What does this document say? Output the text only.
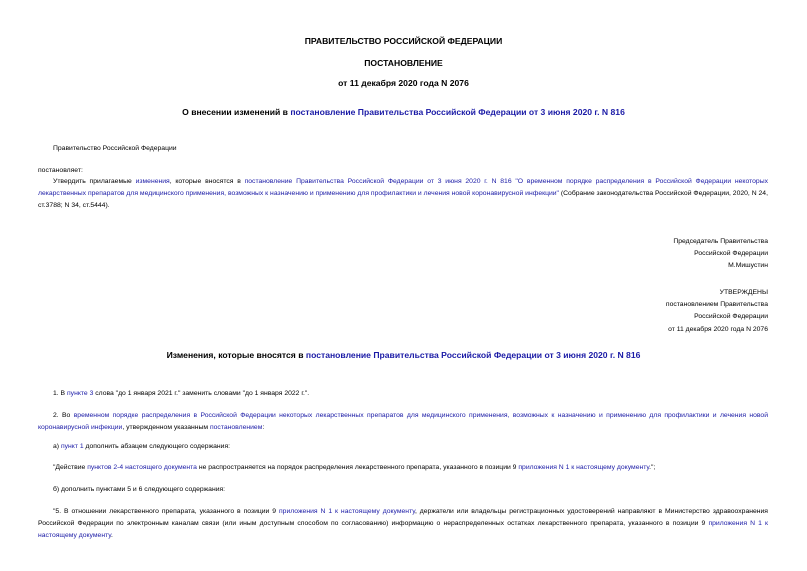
ПРАВИТЕЛЬСТВО РОССИЙСКОЙ ФЕДЕРАЦИИ
ПОСТАНОВЛЕНИЕ
от 11 декабря 2020 года N 2076
О внесении изменений в постановление Правительства Российской Федерации от 3 июня 2020 г. N 816
Правительство Российской Федерации
постановляет:
Утвердить прилагаемые изменения, которые вносятся в постановление Правительства Российской Федерации от 3 июня 2020 г. N 816 "О временном порядке распределения в Российской Федерации некоторых лекарственных препаратов для медицинского применения, возможных к назначению и применению для профилактики и лечения новой коронавирусной инфекции" (Собрание законодательства Российской Федерации, 2020, N 24, ст.3788; N 34, ст.5444).
Председатель Правительства
Российской Федерации
М.Мишустин
УТВЕРЖДЕНЫ
постановлением Правительства
Российской Федерации
от 11 декабря 2020 года N 2076
Изменения, которые вносятся в постановление Правительства Российской Федерации от 3 июня 2020 г. N 816
1. В пункте 3 слова "до 1 января 2021 г." заменить словами "до 1 января 2022 г.".
2. Во временном порядке распределения в Российской Федерации некоторых лекарственных препаратов для медицинского применения, возможных к назначению и применению для профилактики и лечения новой коронавирусной инфекции, утвержденном указанным постановлением:
а) пункт 1 дополнить абзацем следующего содержания:
"Действие пунктов 2-4 настоящего документа не распространяется на порядок распределения лекарственного препарата, указанного в позиции 9 приложения N 1 к настоящему документу.";
б) дополнить пунктами 5 и 6 следующего содержания:
"5. В отношении лекарственного препарата, указанного в позиции 9 приложения N 1 к настоящему документу, держатели или владельцы регистрационных удостоверений направляют в Министерство здравоохранения Российской Федерации по электронным каналам связи (или иным доступным способом по согласованию) информацию о нераспределенных остатках лекарственного препарата, указанного в позиции 9 приложения N 1 к настоящему документу.
